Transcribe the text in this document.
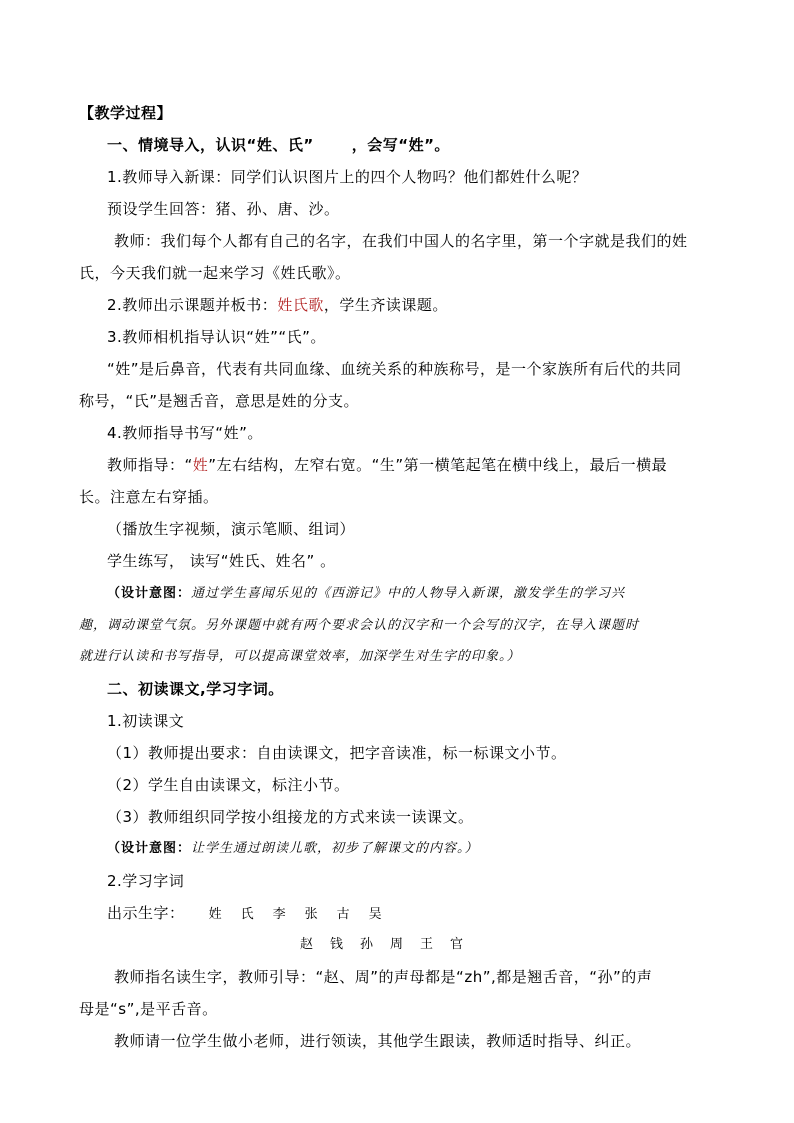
【教学过程】
一、情境导入，认识“姓、氏”	，会写“姓”。
1.教师导入新课：同学们认识图片上的四个人物吗？他们都姓什么呢？
预设学生回答：猪、孙、唐、沙。
教师：我们每个人都有自己的名字，在我们中国人的名字里，第一个字就是我们的姓
氏，今天我们就一起来学习《姓氏歌》。
2.教师出示课题并板书：姓氏歌，学生齐读课题。
3.教师相机指导认识“姓”“氏”。
“姓”是后鼻音，代表有共同血缘、血统关系的种族称号，是一个家族所有后代的共同
称号，“氏”是翘舌音，意思是姓的分支。
4.教师指导书写“姓”。
教师指导：“姓”左右结构，左窄右宽。“生”第一横笔起笔在横中线上，最后一横最
长。注意左右穿插。
（播放生字视频，演示笔顺、组词）
学生练写， 读写“姓氏、姓名” 。
（设计意图：通过学生喜闻乐见的《西游记》中的人物导入新课，激发学生的学习兴
趣，调动课堂气氛。另外课题中就有两个要求会认的汉字和一个会写的汉字，在导入课题时
就进行认读和书写指导，可以提高课堂效率，加深学生对生字的印象。）
二、初读课文,学习字词。
1.初读课文
（1）教师提出要求：自由读课文，把字音读准，标一标课文小节。
（2）学生自由读课文，标注小节。
（3）教师组织同学按小组接龙的方式来读一读课文。
（设计意图：让学生通过朗读儿歌，初步了解课文的内容。）
2.学习字词
出示生字： 姓 氏 李 张 古 吴
赵 钱 孙 周 王 官
教师指名读生字，教师引导：“赵、周”的声母都是“zh”,都是翘舌音，“孙”的声
母是“s”,是平舌音。
教师请一位学生做小老师，进行领读，其他学生跟读，教师适时指导、纠正。
